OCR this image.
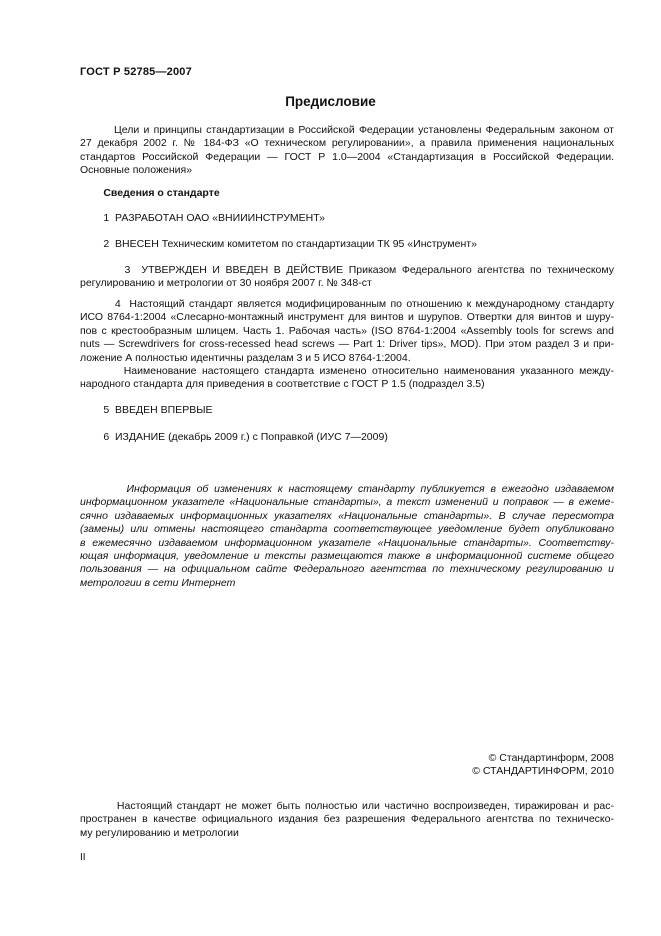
ГОСТ Р 52785—2007
Предисловие
Цели и принципы стандартизации в Российской Федерации установлены Федеральным законом от
27 декабря 2002 г. № 184-ФЗ «О техническом регулировании», а правила применения национальных
стандартов Российской Федерации — ГОСТ Р 1.0—2004 «Стандартизация в Российской Федерации.
Основные положения»
Сведения о стандарте
1  РАЗРАБОТАН ОАО «ВНИИИНСТРУМЕНТ»
2  ВНЕСЕН Техническим комитетом по стандартизации ТК 95 «Инструмент»
3  УТВЕРЖДЕН И ВВЕДЕН В ДЕЙСТВИЕ Приказом Федерального агентства по техническому
регулированию и метрологии от 30 ноября 2007 г. № 348-ст
4  Настоящий стандарт является модифицированным по отношению к международному стандарту
ИСО 8764-1:2004 «Слесарно-монтажный инструмент для винтов и шурупов. Отвертки для винтов и шуру-
пов с крестообразным шлицем. Часть 1. Рабочая часть» (ISO 8764-1:2004 «Assembly tools for screws and
nuts — Screwdrivers for cross-recessed head screws — Part 1: Driver tips», MOD). При этом раздел 3 и при-
ложение А полностью идентичны разделам 3 и 5 ИСО 8764-1:2004.
Наименование настоящего стандарта изменено относительно наименования указанного между-
народного стандарта для приведения в соответствие с ГОСТ Р 1.5 (подраздел 3.5)
5  ВВЕДЕН ВПЕРВЫЕ
6  ИЗДАНИЕ (декабрь 2009 г.) с Поправкой (ИУС 7—2009)
Информация об изменениях к настоящему стандарту публикуется в ежегодно издаваемом
информационном указателе «Национальные стандарты», а текст изменений и поправок — в ежеме-
сячно издаваемых информационных указателях «Национальные стандарты». В случае пересмотра
(замены) или отмены настоящего стандарта соответствующее уведомление будет опубликовано
в ежемесячно издаваемом информационном указателе «Национальные стандарты». Соответству-
ющая информация, уведомление и тексты размещаются также в информационной системе общего
пользования — на официальном сайте Федерального агентства по техническому регулированию и
метрологии в сети Интернет
© Стандартинформ, 2008
© СТАНДАРТИНФОРМ, 2010
Настоящий стандарт не может быть полностью или частично воспроизведен, тиражирован и рас-
пространен в качестве официального издания без разрешения Федерального агентства по техническо-
му регулированию и метрологии
II
